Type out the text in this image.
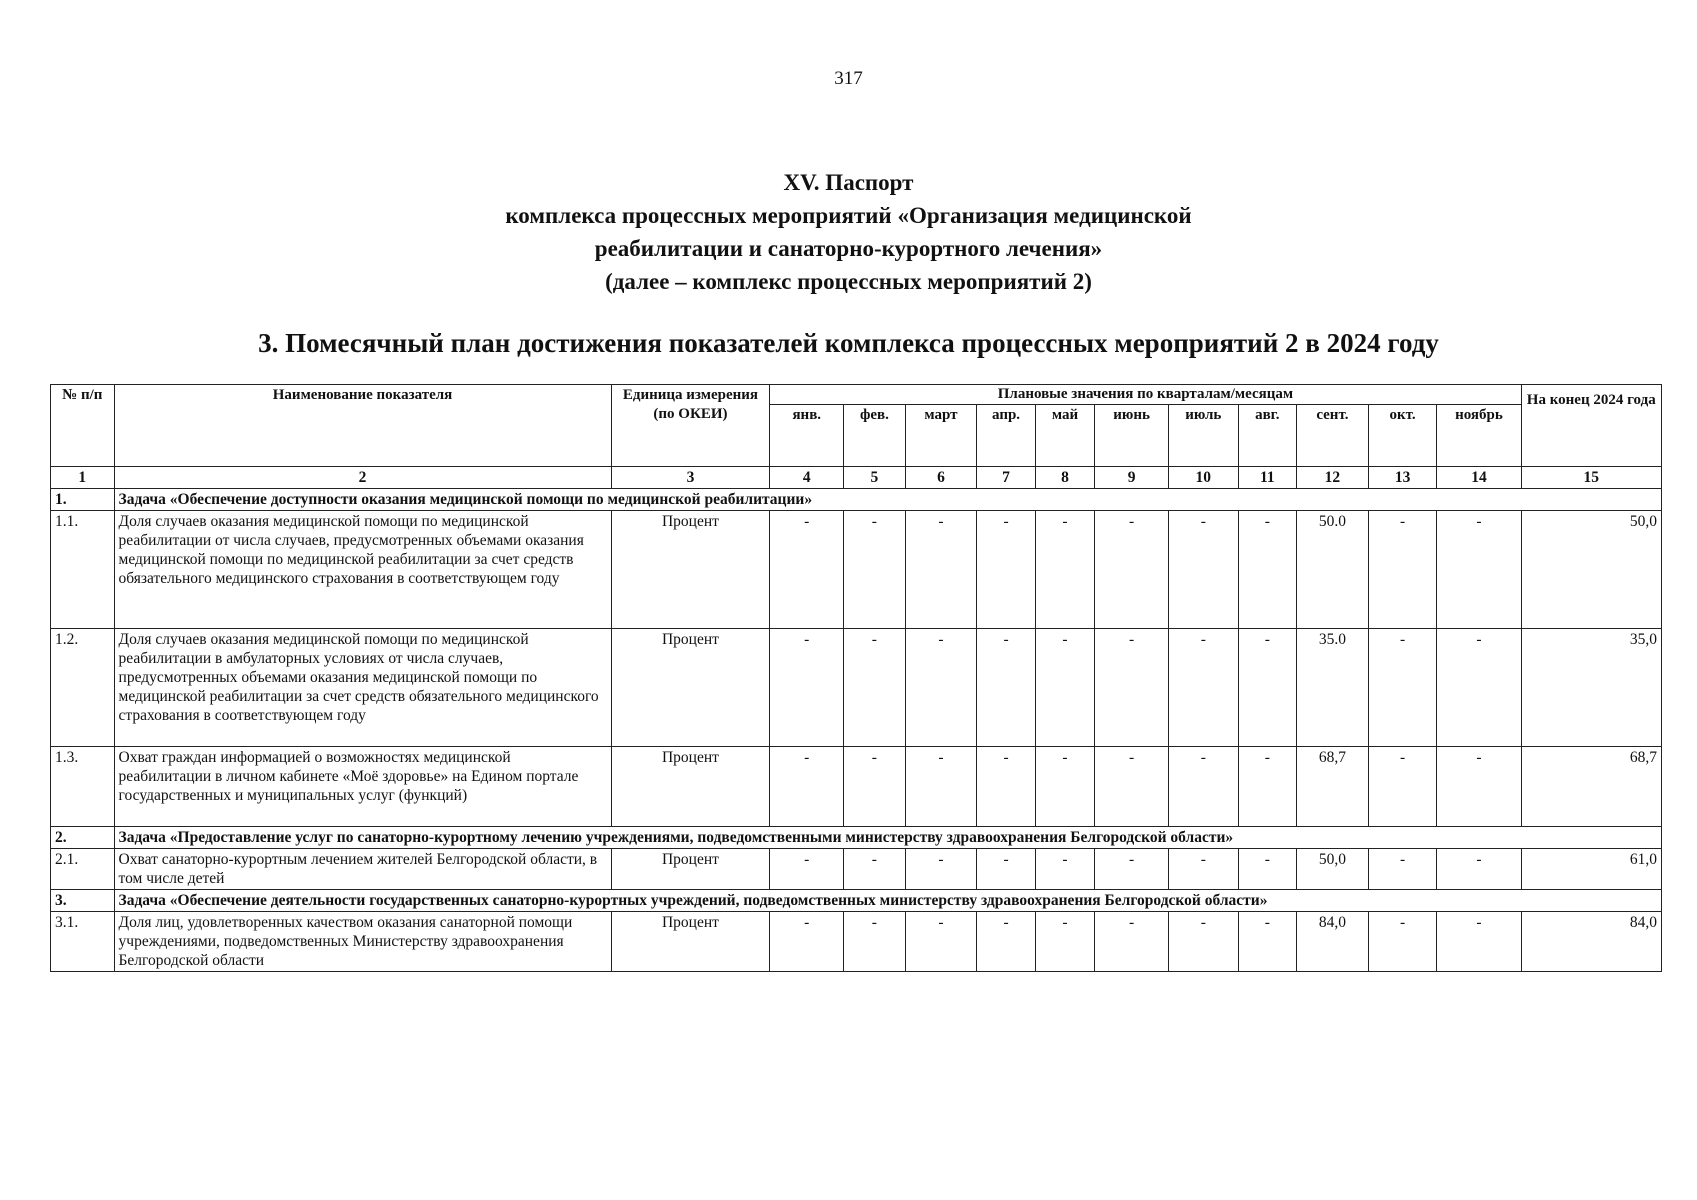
317
XV. Паспорт
комплекса процессных мероприятий «Организация медицинской
реабилитации и санаторно-курортного лечения»
(далее – комплекс процессных мероприятий 2)
3. Помесячный план достижения показателей комплекса процессных мероприятий 2 в 2024 году
№ п/п	Наименование показателя	Единица измерения (по ОКЕИ)	Плановые значения по кварталам/месяцам											На конец 2024 года
			янв.	фев.	март	апр.	май	июнь	июль	авг.	сент.	окт.	ноябрь	
1	2	3	4	5	6	7	8	9	10	11	12	13	14	15
1.	Задача «Обеспечение доступности оказания медицинской помощи по медицинской реабилитации»													
1.1.	Доля случаев оказания медицинской помощи по медицинской реабилитации от числа случаев, предусмотренных объемами оказания медицинской помощи по медицинской реабилитации за счет средств обязательного медицинского страхования в соответствующем году	Процент	-	-	-	-	-	-	-	-	50.0	-	-	50,0
1.2.	Доля случаев оказания медицинской помощи по медицинской реабилитации в амбулаторных условиях от числа случаев, предусмотренных объемами оказания медицинской помощи по медицинской реабилитации за счет средств обязательного медицинского страхования в соответствующем году	Процент	-	-	-	-	-	-	-	-	35.0	-	-	35,0
1.3.	Охват граждан информацией о возможностях медицинской реабилитации в личном кабинете «Моё здоровье» на Едином портале государственных и муниципальных услуг (функций)	Процент	-	-	-	-	-	-	-	-	68,7	-	-	68,7
2.	Задача «Предоставление услуг по санаторно-курортному лечению учреждениями, подведомственными министерству здравоохранения Белгородской области»													
2.1.	Охват санаторно-курортным лечением жителей Белгородской области, в том числе детей	Процент	-	-	-	-	-	-	-	-	50,0	-	-	61,0
3.	Задача «Обеспечение деятельности государственных санаторно-курортных учреждений, подведомственных министерству здравоохранения Белгородской области»													
3.1.	Доля лиц, удовлетворенных качеством оказания санаторной помощи учреждениями, подведомственных Министерству здравоохранения Белгородской области	Процент	-	-	-	-	-	-	-	-	84,0	-	-	84,0
